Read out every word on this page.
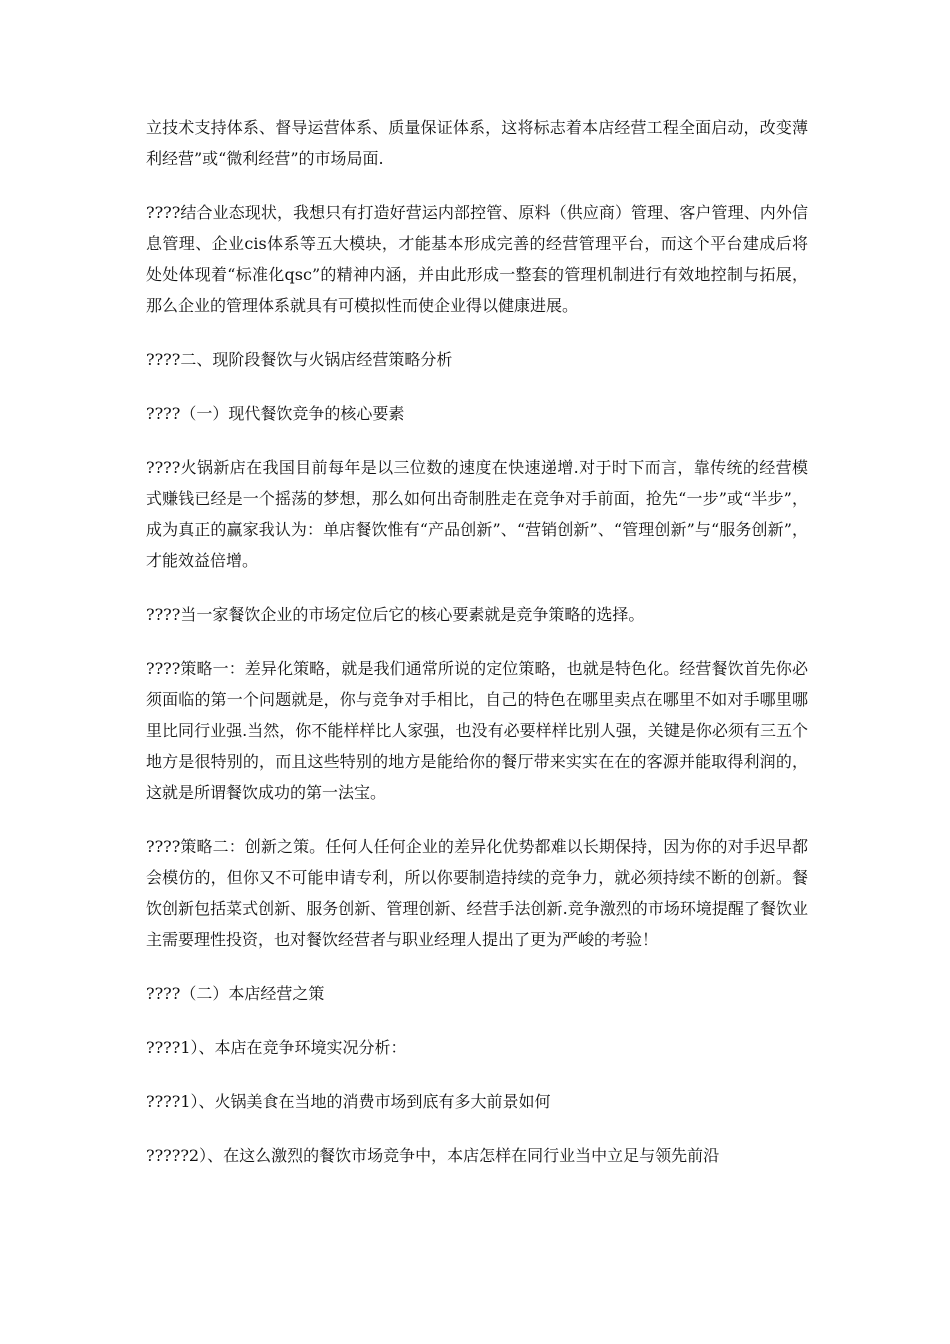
立技术支持体系、督导运营体系、质量保证体系，这将标志着本店经营工程全面启动，改变薄利经营”或“微利经营”的市场局面.

????结合业态现状，我想只有打造好营运内部控管、原料（供应商）管理、客户管理、内外信息管理、企业cis体系等五大模块，才能基本形成完善的经营管理平台，而这个平台建成后将处处体现着“标准化qsc”的精神内涵，并由此形成一整套的管理机制进行有效地控制与拓展，那么企业的管理体系就具有可模拟性而使企业得以健康进展。

????二、现阶段餐饮与火锅店经营策略分析

????（一）现代餐饮竞争的核心要素

????火锅新店在我国目前每年是以三位数的速度在快速递增.对于时下而言，靠传统的经营模式赚钱已经是一个摇荡的梦想，那么如何出奇制胜走在竞争对手前面，抢先“一步”或“半步”，成为真正的赢家我认为：单店餐饮惟有“产品创新”、“营销创新”、“管理创新”与“服务创新”，才能效益倍增。

????当一家餐饮企业的市场定位后它的核心要素就是竞争策略的选择。

????策略一：差异化策略，就是我们通常所说的定位策略，也就是特色化。经营餐饮首先你必须面临的第一个问题就是，你与竞争对手相比，自己的特色在哪里卖点在哪里不如对手哪里哪里比同行业强.当然，你不能样样比人家强，也没有必要样样比别人强，关键是你必须有三五个地方是很特别的，而且这些特别的地方是能给你的餐厅带来实实在在的客源并能取得利润的，这就是所谓餐饮成功的第一法宝。

????策略二：创新之策。任何人任何企业的差异化优势都难以长期保持，因为你的对手迟早都会模仿的，但你又不可能申请专利，所以你要制造持续的竞争力，就必须持续不断的创新。餐饮创新包括菜式创新、服务创新、管理创新、经营手法创新.竞争激烈的市场环境提醒了餐饮业主需要理性投资，也对餐饮经营者与职业经理人提出了更为严峻的考验！

????（二）本店经营之策

????1）、本店在竞争环境实况分析：

????1）、火锅美食在当地的消费市场到底有多大前景如何

?????2）、在这么激烈的餐饮市场竞争中，本店怎样在同行业当中立足与领先前沿
